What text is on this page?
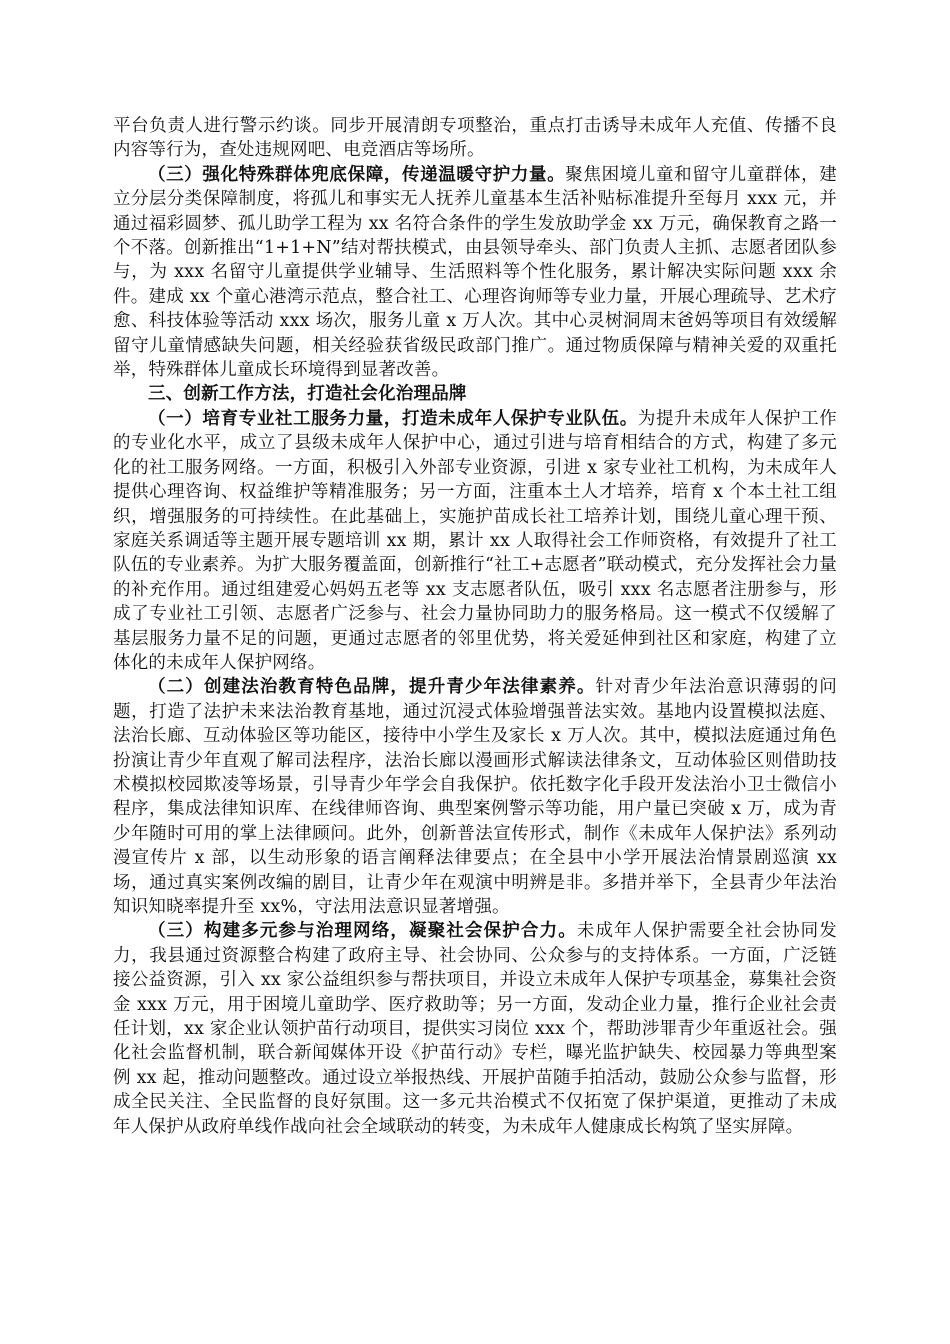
平台负责人进行警示约谈。同步开展清朗专项整治，重点打击诱导未成年人充值、传播不良内容等行为，查处违规网吧、电竞酒店等场所。

（三）强化特殊群体兜底保障，传递温暖守护力量。聚焦困境儿童和留守儿童群体，建立分层分类保障制度，将孤儿和事实无人抚养儿童基本生活补贴标准提升至每月 xxx 元，并通过福彩圆梦、孤儿助学工程为 xx 名符合条件的学生发放助学金 xx 万元，确保教育之路一个不落。创新推出“1+1+N”结对帮扶模式，由县领导牵头、部门负责人主抓、志愿者团队参与，为 xxx 名留守儿童提供学业辅导、生活照料等个性化服务，累计解决实际问题 xxx 余件。建成 xx 个童心港湾示范点，整合社工、心理咨询师等专业力量，开展心理疏导、艺术疗愈、科技体验等活动 xxx 场次，服务儿童 x 万人次。其中心灵树洞周末爸妈等项目有效缓解留守儿童情感缺失问题，相关经验获省级民政部门推广。通过物质保障与精神关爱的双重托举，特殊群体儿童成长环境得到显著改善。

三、创新工作方法，打造社会化治理品牌

（一）培育专业社工服务力量，打造未成年人保护专业队伍。为提升未成年人保护工作的专业化水平，成立了县级未成年人保护中心，通过引进与培育相结合的方式，构建了多元化的社工服务网络。一方面，积极引入外部专业资源，引进 x 家专业社工机构，为未成年人提供心理咨询、权益维护等精准服务；另一方面，注重本土人才培养，培育 x 个本土社工组织，增强服务的可持续性。在此基础上，实施护苗成长社工培养计划，围绕儿童心理干预、家庭关系调适等主题开展专题培训 xx 期，累计 xx 人取得社会工作师资格，有效提升了社工队伍的专业素养。为扩大服务覆盖面，创新推行“社工+志愿者”联动模式，充分发挥社会力量的补充作用。通过组建爱心妈妈五老等 xx 支志愿者队伍，吸引 xxx 名志愿者注册参与，形成了专业社工引领、志愿者广泛参与、社会力量协同助力的服务格局。这一模式不仅缓解了基层服务力量不足的问题，更通过志愿者的邻里优势，将关爱延伸到社区和家庭，构建了立体化的未成年人保护网络。

（二）创建法治教育特色品牌，提升青少年法律素养。针对青少年法治意识薄弱的问题，打造了法护未来法治教育基地，通过沉浸式体验增强普法实效。基地内设置模拟法庭、法治长廊、互动体验区等功能区，接待中小学生及家长 x 万人次。其中，模拟法庭通过角色扮演让青少年直观了解司法程序，法治长廊以漫画形式解读法律条文，互动体验区则借助技术模拟校园欺凌等场景，引导青少年学会自我保护。依托数字化手段开发法治小卫士微信小程序，集成法律知识库、在线律师咨询、典型案例警示等功能，用户量已突破 x 万，成为青少年随时可用的掌上法律顾问。此外，创新普法宣传形式，制作《未成年人保护法》系列动漫宣传片 x 部，以生动形象的语言阐释法律要点；在全县中小学开展法治情景剧巡演 xx 场，通过真实案例改编的剧目，让青少年在观演中明辨是非。多措并举下，全县青少年法治知识知晓率提升至 xx%，守法用法意识显著增强。

（三）构建多元参与治理网络，凝聚社会保护合力。未成年人保护需要全社会协同发力，我县通过资源整合构建了政府主导、社会协同、公众参与的支持体系。一方面，广泛链接公益资源，引入 xx 家公益组织参与帮扶项目，并设立未成年人保护专项基金，募集社会资金 xxx 万元，用于困境儿童助学、医疗救助等；另一方面，发动企业力量，推行企业社会责任计划，xx 家企业认领护苗行动项目，提供实习岗位 xxx 个，帮助涉罪青少年重返社会。强化社会监督机制，联合新闻媒体开设《护苗行动》专栏，曝光监护缺失、校园暴力等典型案例 xx 起，推动问题整改。通过设立举报热线、开展护苗随手拍活动，鼓励公众参与监督，形成全民关注、全民监督的良好氛围。这一多元共治模式不仅拓宽了保护渠道，更推动了未成年人保护从政府单线作战向社会全域联动的转变，为未成年人健康成长构筑了坚实屏障。
